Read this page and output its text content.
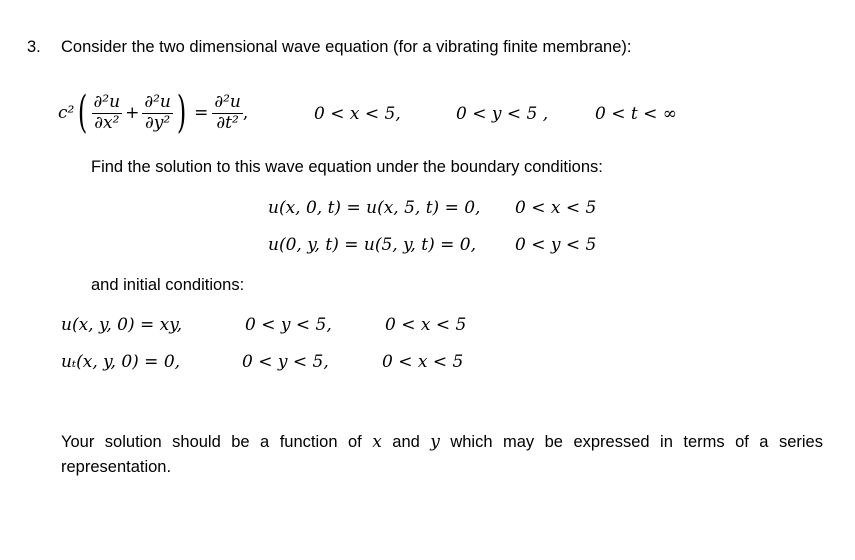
3. Consider the two dimensional wave equation (for a vibrating finite membrane):
c² ( $\frac{\text{∂²u}}{\text{∂x²}} + \frac{\text{∂²u}}{\text{∂y²}}$ ) = $\frac{\text{∂²u}}{\text{∂t²}}$ ,	0 < x < 5,	0 < y < 5 ,	0 < t < ∞
Find the solution to this wave equation under the boundary conditions:
u(x, 0, t) = u(x, 5, t) = 0, 0 < x < 5
u(0, y, t) = u(5, y, t) = 0, 0 < y < 5
and initial conditions:
u(x, y, 0) = xy,	0 < y < 5,	0 < x < 5
uₜ(x, y, 0) = 0,	0 < y < 5,	0 < x < 5
Your solution should be a function of x and y which may be expressed in terms of a series representation.
